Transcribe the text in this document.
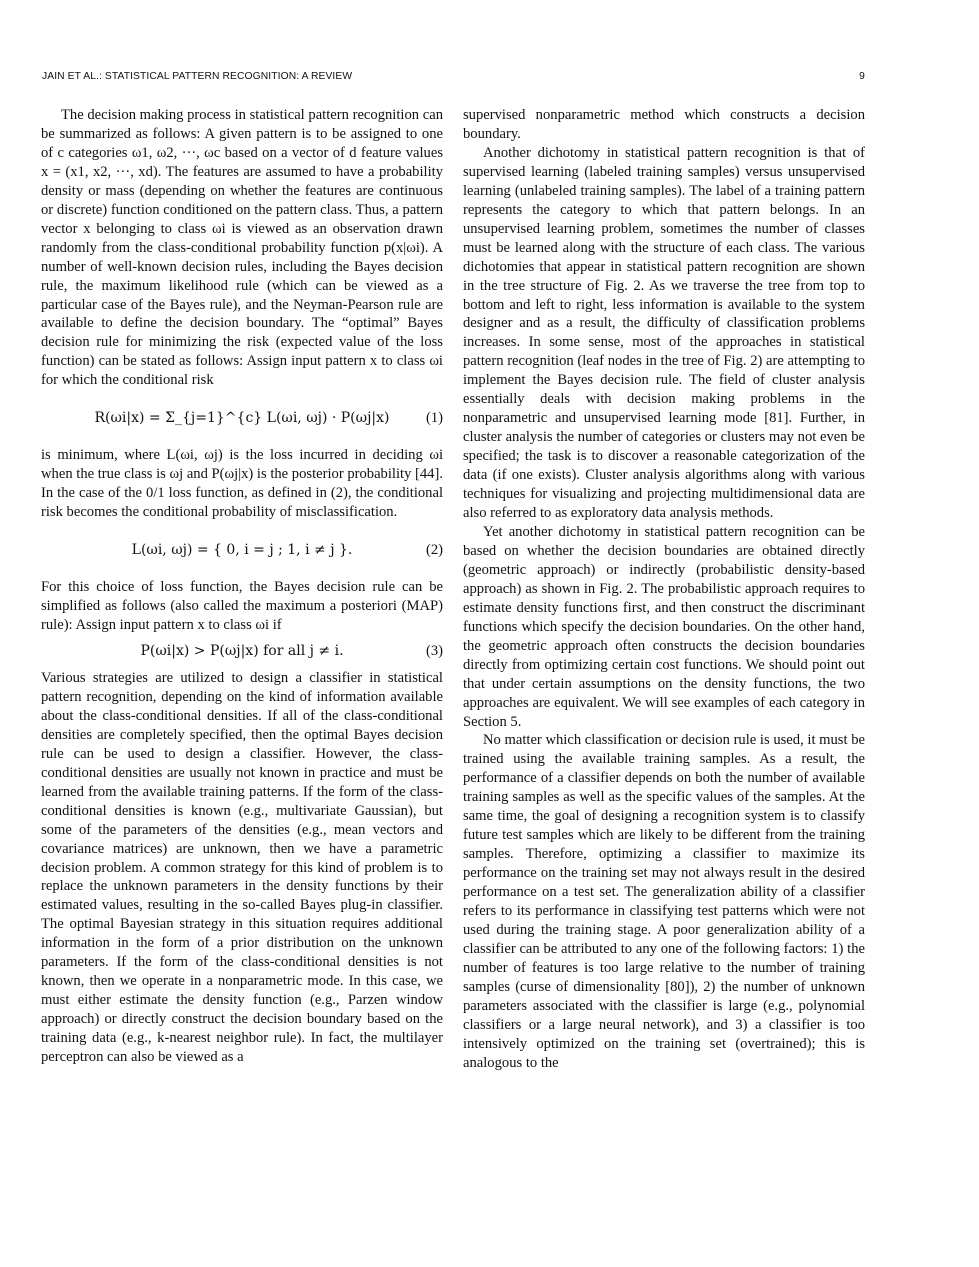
JAIN ET AL.: STATISTICAL PATTERN RECOGNITION: A REVIEW	9

The decision making process in statistical pattern recognition can be summarized as follows: A given pattern is to be assigned to one of c categories ω1, ω2, ···, ωc based on a vector of d feature values x = (x1, x2, ···, xd). The features are assumed to have a probability density or mass (depending on whether the features are continuous or discrete) function conditioned on the pattern class. Thus, a pattern vector x belonging to class ωi is viewed as an observation drawn randomly from the class-conditional probability function p(x|ωi). A number of well-known decision rules, including the Bayes decision rule, the maximum likelihood rule (which can be viewed as a particular case of the Bayes rule), and the Neyman-Pearson rule are available to define the decision boundary. The “optimal” Bayes decision rule for minimizing the risk (expected value of the loss function) can be stated as follows: Assign input pattern x to class ωi for which the conditional risk

R(ωi|x) = Σ_{j=1}^{c} L(ωi, ωj) · P(ωj|x) (1)

is minimum, where L(ωi, ωj) is the loss incurred in deciding ωi when the true class is ωj and P(ωj|x) is the posterior probability [44]. In the case of the 0/1 loss function, as defined in (2), the conditional risk becomes the conditional probability of misclassification.

L(ωi, ωj) = { 0, i = j ; 1, i ≠ j }.	(2)

For this choice of loss function, the Bayes decision rule can be simplified as follows (also called the maximum a posteriori (MAP) rule): Assign input pattern x to class ωi if

P(ωi|x) > P(ωj|x) for all j ≠ i.	(3)

Various strategies are utilized to design a classifier in statistical pattern recognition, depending on the kind of information available about the class-conditional densities. If all of the class-conditional densities are completely specified, then the optimal Bayes decision rule can be used to design a classifier. However, the class-conditional densities are usually not known in practice and must be learned from the available training patterns. If the form of the class-conditional densities is known (e.g., multivariate Gaussian), but some of the parameters of the densities (e.g., mean vectors and covariance matrices) are unknown, then we have a parametric decision problem. A common strategy for this kind of problem is to replace the unknown parameters in the density functions by their estimated values, resulting in the so-called Bayes plug-in classifier. The optimal Bayesian strategy in this situation requires additional information in the form of a prior distribution on the unknown parameters. If the form of the class-conditional densities is not known, then we operate in a nonparametric mode. In this case, we must either estimate the density function (e.g., Parzen window approach) or directly construct the decision boundary based on the training data (e.g., k-nearest neighbor rule). In fact, the multilayer perceptron can also be viewed as a

supervised nonparametric method which constructs a decision boundary.

Another dichotomy in statistical pattern recognition is that of supervised learning (labeled training samples) versus unsupervised learning (unlabeled training samples). The label of a training pattern represents the category to which that pattern belongs. In an unsupervised learning problem, sometimes the number of classes must be learned along with the structure of each class. The various dichotomies that appear in statistical pattern recognition are shown in the tree structure of Fig. 2. As we traverse the tree from top to bottom and left to right, less information is available to the system designer and as a result, the difficulty of classification problems increases. In some sense, most of the approaches in statistical pattern recognition (leaf nodes in the tree of Fig. 2) are attempting to implement the Bayes decision rule. The field of cluster analysis essentially deals with decision making problems in the nonparametric and unsupervised learning mode [81]. Further, in cluster analysis the number of categories or clusters may not even be specified; the task is to discover a reasonable categorization of the data (if one exists). Cluster analysis algorithms along with various techniques for visualizing and projecting multidimensional data are also referred to as exploratory data analysis methods.

Yet another dichotomy in statistical pattern recognition can be based on whether the decision boundaries are obtained directly (geometric approach) or indirectly (probabilistic density-based approach) as shown in Fig. 2. The probabilistic approach requires to estimate density functions first, and then construct the discriminant functions which specify the decision boundaries. On the other hand, the geometric approach often constructs the decision boundaries directly from optimizing certain cost functions. We should point out that under certain assumptions on the density functions, the two approaches are equivalent. We will see examples of each category in Section 5.

No matter which classification or decision rule is used, it must be trained using the available training samples. As a result, the performance of a classifier depends on both the number of available training samples as well as the specific values of the samples. At the same time, the goal of designing a recognition system is to classify future test samples which are likely to be different from the training samples. Therefore, optimizing a classifier to maximize its performance on the training set may not always result in the desired performance on a test set. The generalization ability of a classifier refers to its performance in classifying test patterns which were not used during the training stage. A poor generalization ability of a classifier can be attributed to any one of the following factors: 1) the number of features is too large relative to the number of training samples (curse of dimensionality [80]), 2) the number of unknown parameters associated with the classifier is large (e.g., polynomial classifiers or a large neural network), and 3) a classifier is too intensively optimized on the training set (overtrained); this is analogous to the
